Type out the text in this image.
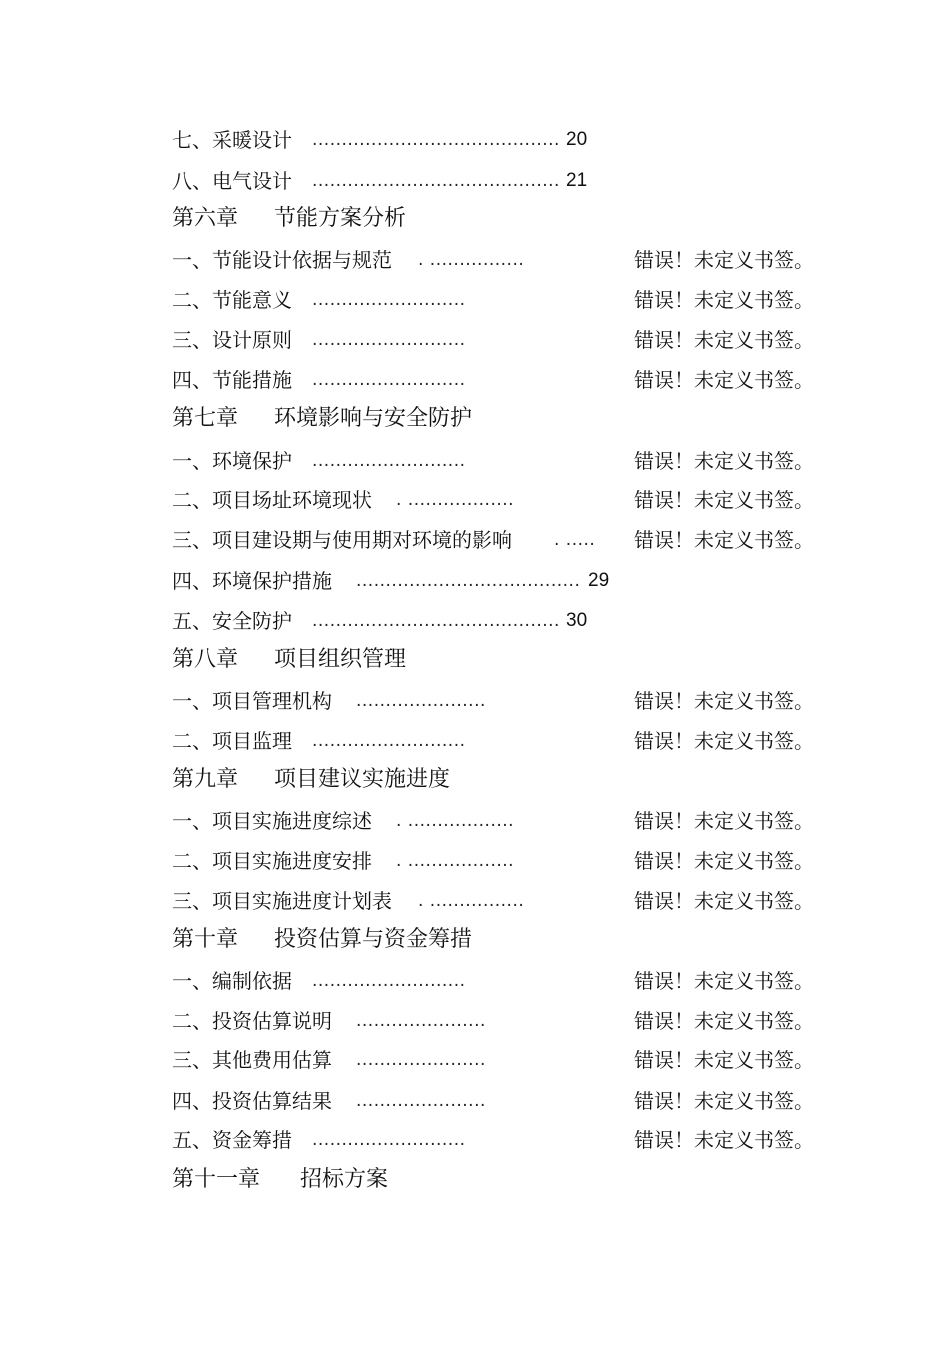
七、采暖设计 .......................................... 20
八、电气设计 .......................................... 21
第六章 节能方案分析
一、节能设计依据与规范 . ................	错误！未定义书签。
二、节能意义 ..........................	错误！未定义书签。
三、设计原则 ..........................	错误！未定义书签。
四、节能措施 ..........................	错误！未定义书签。
第七章 环境影响与安全防护
一、环境保护 ..........................	错误！未定义书签。
二、项目场址环境现状 . ..................	错误！未定义书签。
三、项目建设期与使用期对环境的影响 . ..... 错误！未定义书签。
四、环境保护措施 ...................................... 29
五、安全防护 .......................................... 30
第八章 项目组织管理
一、项目管理机构 ......................	错误！未定义书签。
二、项目监理 ..........................	错误！未定义书签。
第九章 项目建议实施进度
一、项目实施进度综述 . ..................	错误！未定义书签。
二、项目实施进度安排 . ..................	错误！未定义书签。
三、项目实施进度计划表 . ................	错误！未定义书签。
第十章 投资估算与资金筹措
一、编制依据 ..........................	错误！未定义书签。
二、投资估算说明 ......................	错误！未定义书签。
三、其他费用估算 ......................	错误！未定义书签。
四、投资估算结果 ......................	错误！未定义书签。
五、资金筹措 ..........................	错误！未定义书签。
第十一章 招标方案
